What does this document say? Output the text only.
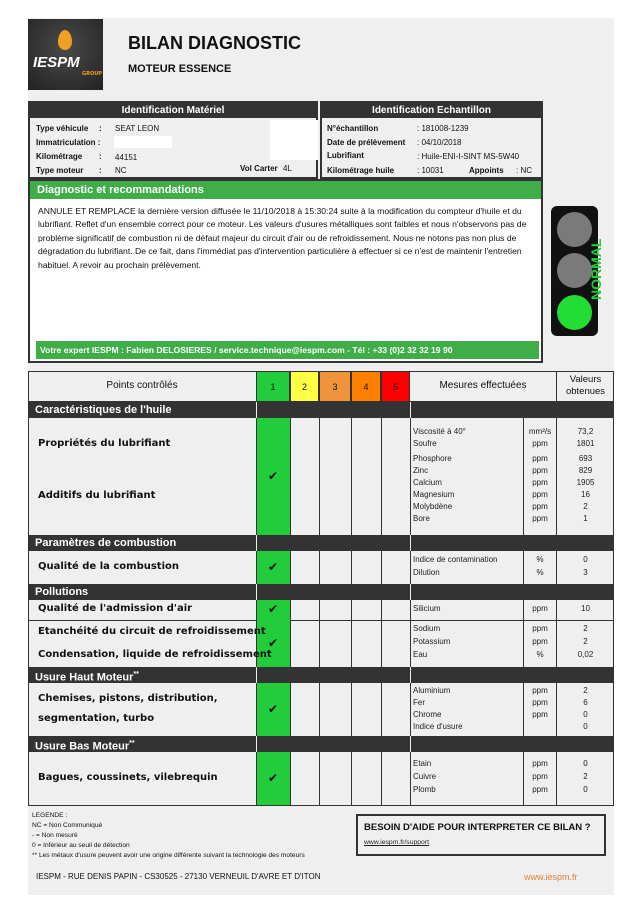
IESPM
GROUP
BILAN DIAGNOSTIC
MOTEUR ESSENCE
Identification Matériel
Type véhicule : SEAT LEON
Immatriculation :
Kilométrage : 44151
Type moteur : NC	Vol Carter 4L
Identification Echantillon
N°échantillon	: 181008-1239
Date de prélèvement : 04/10/2018
Lubrifiant	: Huile-ENI-I-SINT MS-5W40
Kilométrage huile	: 10031	Appoints : NC
Diagnostic et recommandations
ANNULE ET REMPLACE la dernière version diffusée le 11/10/2018 à 15:30:24 suite à la modification du compteur d'huile et du lubrifiant. Reflet d'un ensemble correct pour ce moteur. Les valeurs d'usures métalliques sont faibles et nous n'observons pas de problème significatif de combustion ni de défaut majeur du circuit d'air ou de refroidissement. Nous ne notons pas non plus de dégradation du lubrifiant. De ce fait, dans l'immédiat pas d'intervention particulière à effectuer si ce n'est de maintenir l'entretien habituel. A revoir au prochain prélèvement.
Votre expert IESPM : Fabien DELOSIERES / service.technique@iespm.com - Tél : +33 (0)2 32 32 19 90
NORMAL
Points contrôlés	1	2	3	4	5	Mesures effectuées
Valeurs obtenues
Caractéristiques de l'huile
✔
Propriétés du lubrifiant
Additifs du lubrifiant
Viscosité à 40°	mm²/s	73,2
Soufre	ppm	1801
Phosphore	ppm	693
Zinc	ppm	829
Calcium	ppm	1905
Magnesium	ppm	16
Molybdène	ppm	2
Bore	ppm	1
Paramètres de combustion
✔
Qualité de la combustion
Indice de contamination	%	0
Dilution	%	3
Pollutions
✔
Qualité de l'admission d'air	Silicium	ppm	10
✔
Etanchéité du circuit de refroidissement
Condensation, liquide de refroidissement
Sodium	ppm	2
Potassium	ppm	2
Eau	%	0,02
Usure Haut Moteur**
✔
Chemises, pistons, distribution,
segmentation, turbo
Aluminium	ppm	2
Fer	ppm	6
Chrome	ppm	0
Indice d'usure	0
Usure Bas Moteur**
✔
Bagues, coussinets, vilebrequin
Etain	ppm	0
Cuivre	ppm	2
Plomb	ppm	0
LEGENDE :
NC = Non Communiqué
- = Non mesuré
0 = Inférieur au seuil de détection
** Les métaux d'usure peuvent avoir une origine différente suivant la technologie des moteurs
BESOIN D'AIDE POUR INTERPRETER CE BILAN ?
www.iespm.fr/support
IESPM - RUE DENIS PAPIN - CS30525 - 27130 VERNEUIL D'AVRE ET D'ITON	www.iespm.fr
